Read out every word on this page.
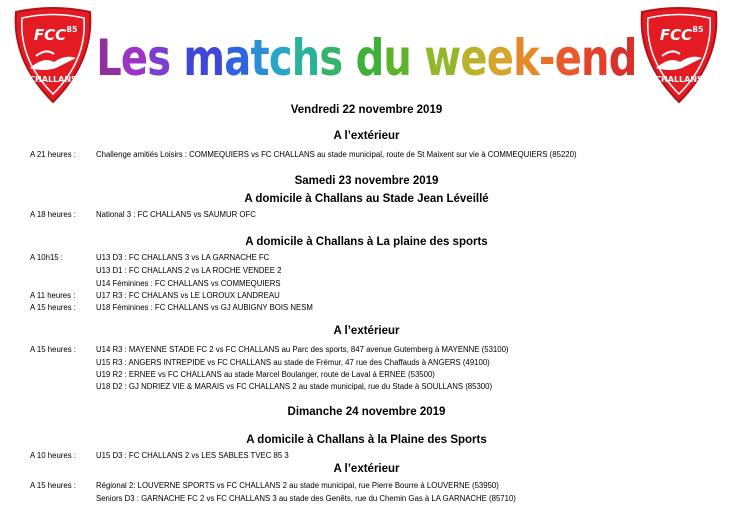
FCC 85
CHALLANS
FCC 85
CHALLANS
Les matchs du week-end
Vendredi 22 novembre 2019
A l’extérieur
A 21 heures :	Challenge amitiés Loisirs : COMMEQUIERS vs FC CHALLANS au stade municipal, route de St Maixent sur vie à COMMEQUIERS (85220)
Samedi 23 novembre 2019
A domicile à Challans au Stade Jean Léveillé
A 18 heures :	National 3 : FC CHALLANS vs SAUMUR OFC
A domicile à Challans à La plaine des sports
A 10h15 :	U13 D3 : FC CHALLANS 3 vs LA GARNACHE FC
U13 D1 : FC CHALLANS 2 vs LA ROCHE VENDEE 2
U14 Féminines : FC CHALLANS vs COMMEQUIERS
A 11 heures :	U17 R3 : FC CHALANS vs LE LOROUX LANDREAU
A 15 heures :	U18 Féminines : FC CHALLANS vs GJ AUBIGNY BOIS NESM
A l’extérieur
A 15 heures :	U14 R3 : MAYENNE STADE FC 2 vs FC CHALLANS au Parc des sports, 847 avenue Gutemberg à MAYENNE (53100)
U15 R3 : ANGERS INTREPIDE vs FC CHALLANS au stade de Frémur, 47 rue des Chaffauds à ANGERS (49100)
U19 R2 : ERNEE vs FC CHALLANS au stade Marcel Boulanger, route de Laval à ERNEE (53500)
U18 D2 : GJ NDRIEZ VIE & MARAIS vs FC CHALLANS 2 au stade municipal, rue du Stade à SOULLANS (85300)
Dimanche 24 novembre 2019
A domicile à Challans à la Plaine des Sports
A 10 heures :	U15 D3 : FC CHALLANS 2 vs LES SABLES TVEC 85 3
A l’extérieur
A 15 heures :	Régional 2: LOUVERNE SPORTS vs FC CHALLANS 2 au stade municipal, rue Pierre Bourre à LOUVERNE (53950)
Seniors D3 : GARNACHE FC 2 vs FC CHALLANS 3 au stade des Genêts, rue du Chemin Gas à LA GARNACHE (85710)
